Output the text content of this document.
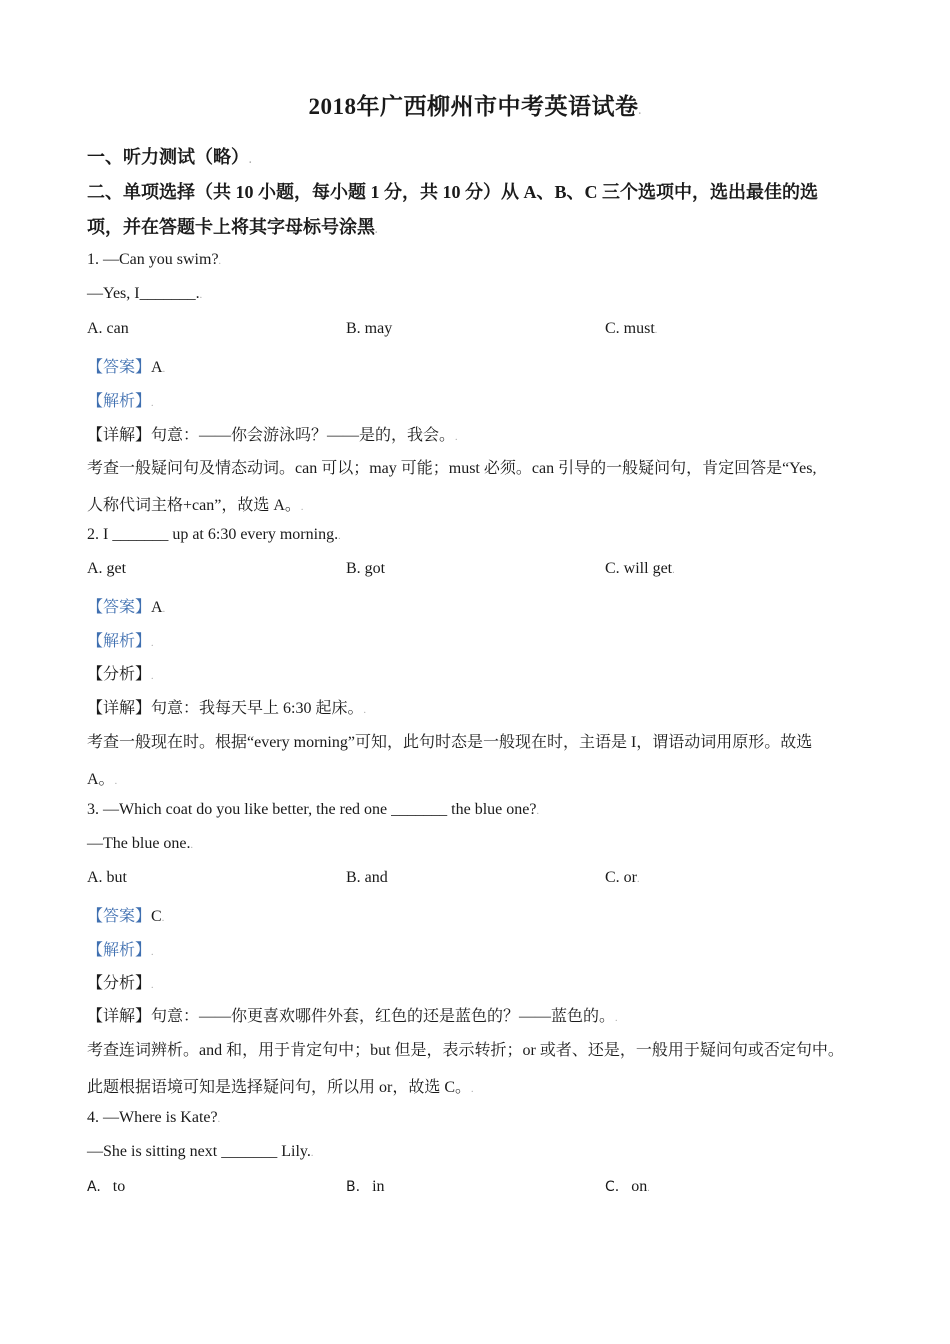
2018年广西柳州市中考英语试卷.
一、听力测试（略）.
二、单项选择（共 10 小题，每小题 1 分，共 10 分）从 A、B、C 三个选项中，选出最佳的选
项，并在答题卡上将其字母标号涂黑.
1. —Can you swim?.
—Yes, I_______..
A. can	B. may	C. must.
【答案】A.
【解析】.
【详解】句意：——你会游泳吗？——是的，我会。.
考查一般疑问句及情态动词。can 可以；may 可能；must 必须。can 引导的一般疑问句，肯定回答是“Yes,
人称代词主格+can”，故选 A。.
2. I _______ up at 6:30 every morning..
A. get	B. got	C. will get.
【答案】A.
【解析】.
【分析】.
【详解】句意：我每天早上 6:30 起床。.
考查一般现在时。根据“every morning”可知，此句时态是一般现在时，主语是 I，谓语动词用原形。故选
A。.
3. —Which coat do you like better, the red one _______ the blue one?.
—The blue one..
A. but	B. and	C. or.
【答案】C.
【解析】.
【分析】.
【详解】句意：——你更喜欢哪件外套，红色的还是蓝色的？——蓝色的。.
考查连词辨析。and 和，用于肯定句中；but 但是，表示转折；or 或者、还是，一般用于疑问句或否定句中。
此题根据语境可知是选择疑问句，所以用 or，故选 C。.
4. —Where is Kate?.
—She is sitting next _______ Lily..
A. to	B. in	C. on.
